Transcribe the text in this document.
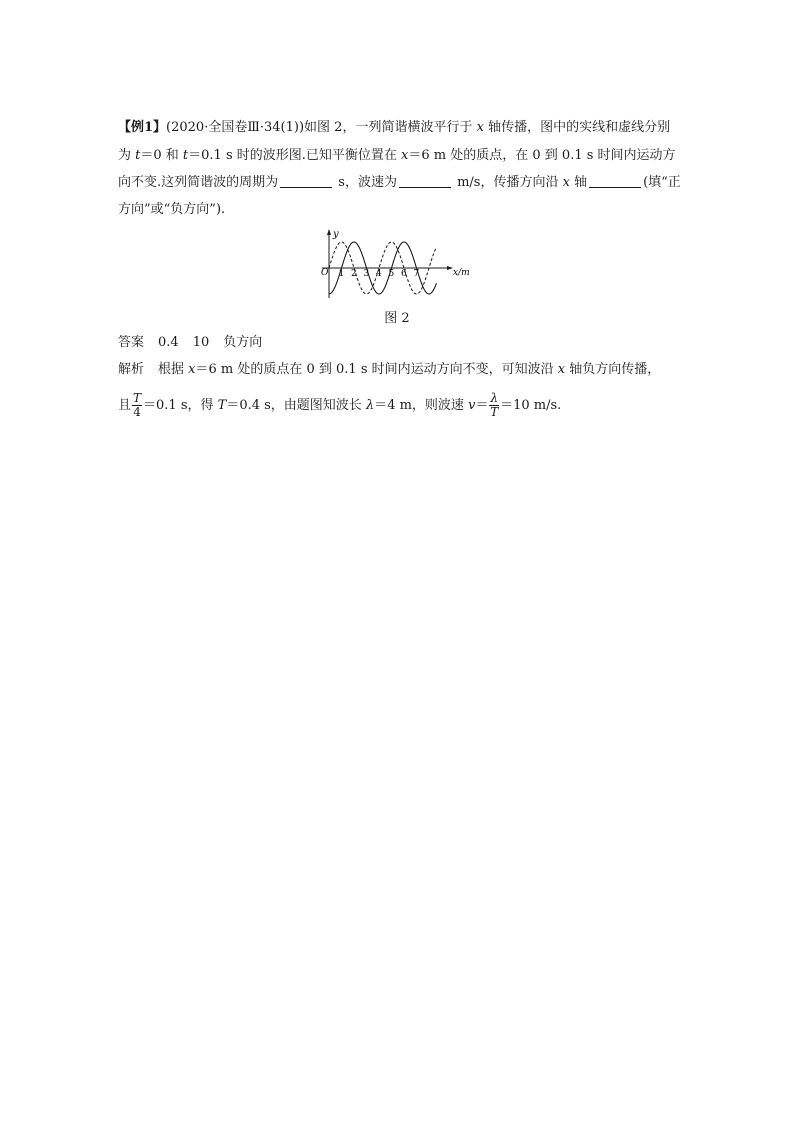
【例1】(2020·全国卷Ⅲ·34(1))如图 2，一列简谐横波平行于 x 轴传播，图中的实线和虚线分别
为 t＝0 和 t＝0.1 s 时的波形图.已知平衡位置在 x＝6 m 处的质点，在 0 到 0.1 s 时间内运动方
向不变.这列简谐波的周期为	s，波速为	m/s，传播方向沿 x 轴	(填“正
方向”或“负方向”).
y
x/m
O 1 2 3 4 5 6 7
图 2
答案 0.4 10 负方向
解析 根据 x＝6 m 处的质点在 0 到 0.1 s 时间内运动方向不变，可知波沿 x 轴负方向传播，
且 $\frac{T}{4} =0.1$ s，得 T＝0.4 s，由题图知波长 λ＝4 m，则波速 $v= \frac{\lambda}{T} =10$ m/s.
